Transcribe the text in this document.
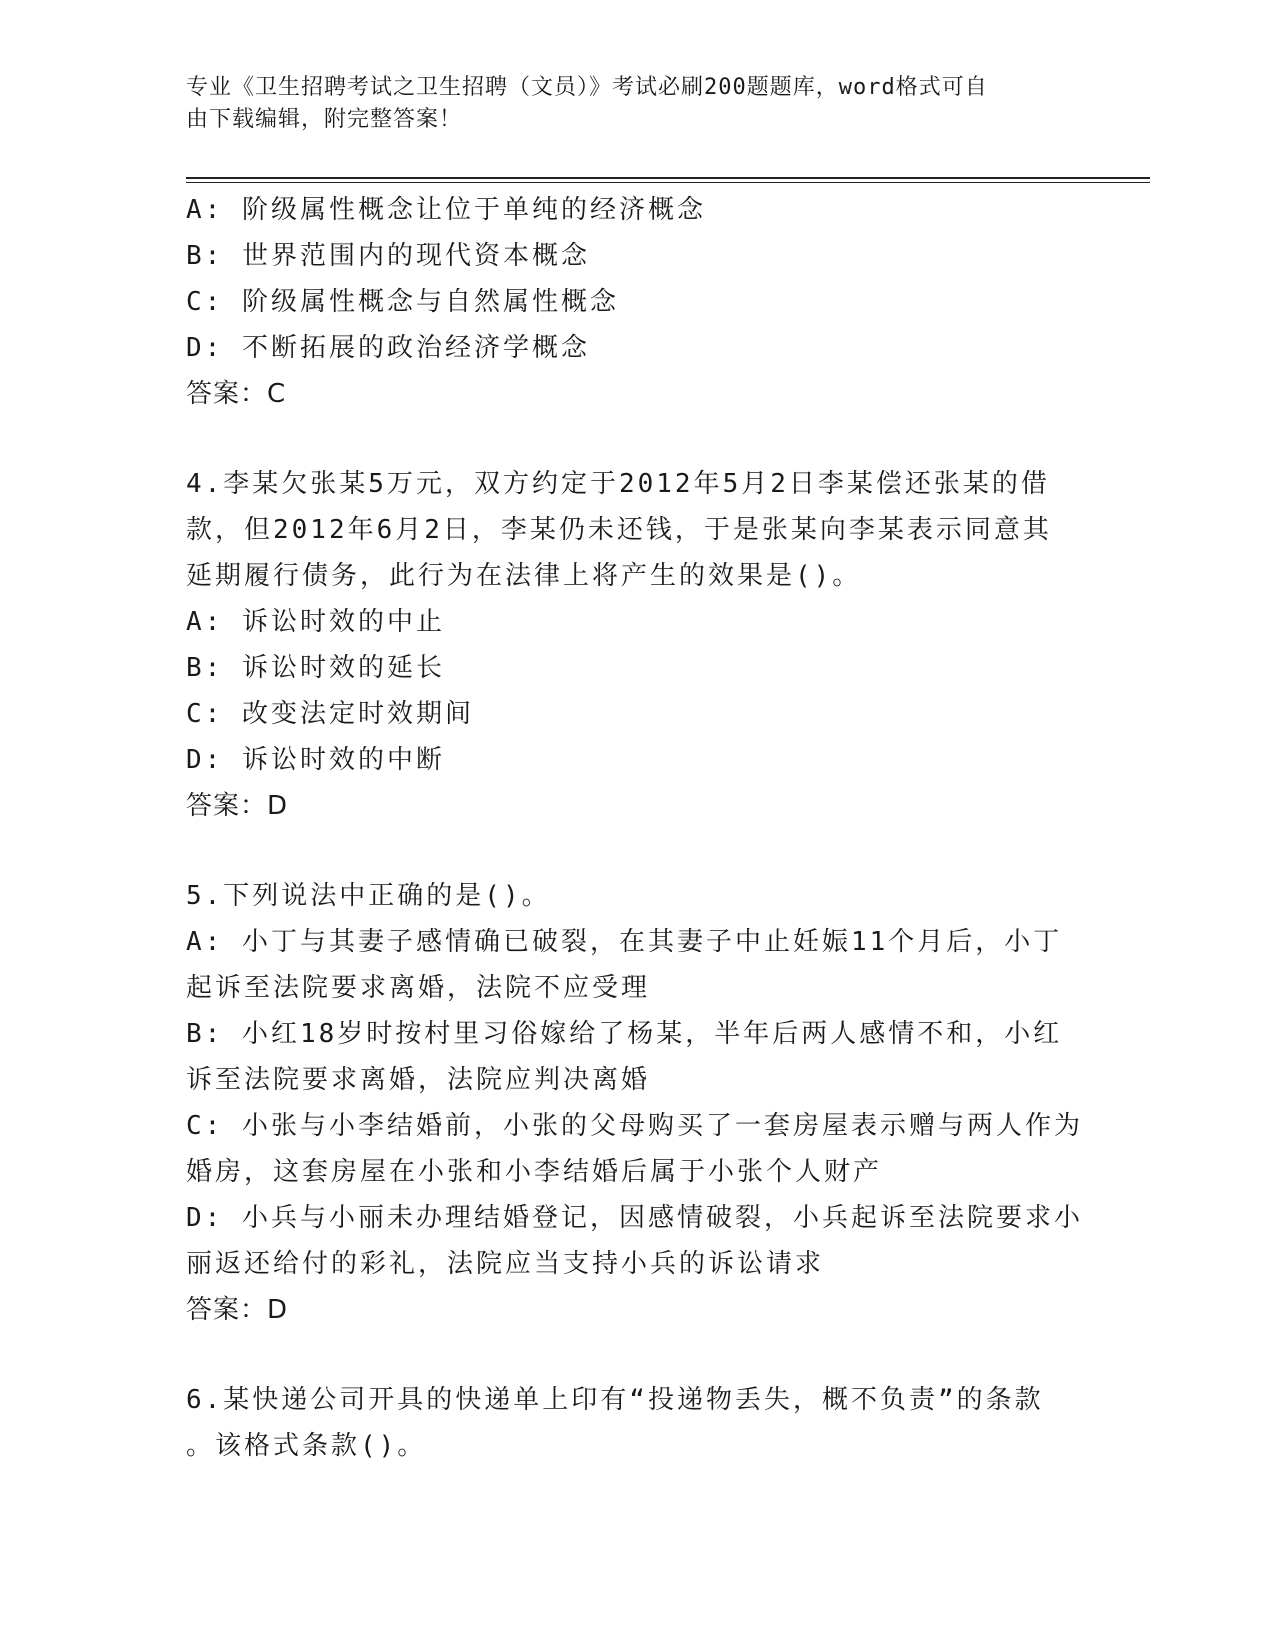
专业《卫生招聘考试之卫生招聘（文员）》考试必刷200题题库，word格式可自
由下载编辑，附完整答案！
A: 阶级属性概念让位于单纯的经济概念
B: 世界范围内的现代资本概念
C: 阶级属性概念与自然属性概念
D: 不断拓展的政治经济学概念
答案：C
4.李某欠张某5万元，双方约定于2012年5月2日李某偿还张某的借
款，但2012年6月2日，李某仍未还钱，于是张某向李某表示同意其
延期履行债务，此行为在法律上将产生的效果是()。
A: 诉讼时效的中止
B: 诉讼时效的延长
C: 改变法定时效期间
D: 诉讼时效的中断
答案：D
5.下列说法中正确的是()。
A: 小丁与其妻子感情确已破裂，在其妻子中止妊娠11个月后，小丁
起诉至法院要求离婚，法院不应受理
B: 小红18岁时按村里习俗嫁给了杨某，半年后两人感情不和，小红
诉至法院要求离婚，法院应判决离婚
C: 小张与小李结婚前，小张的父母购买了一套房屋表示赠与两人作为
婚房，这套房屋在小张和小李结婚后属于小张个人财产
D: 小兵与小丽未办理结婚登记，因感情破裂，小兵起诉至法院要求小
丽返还给付的彩礼，法院应当支持小兵的诉讼请求
答案：D
6.某快递公司开具的快递单上印有“投递物丢失，概不负责”的条款
。该格式条款()。
